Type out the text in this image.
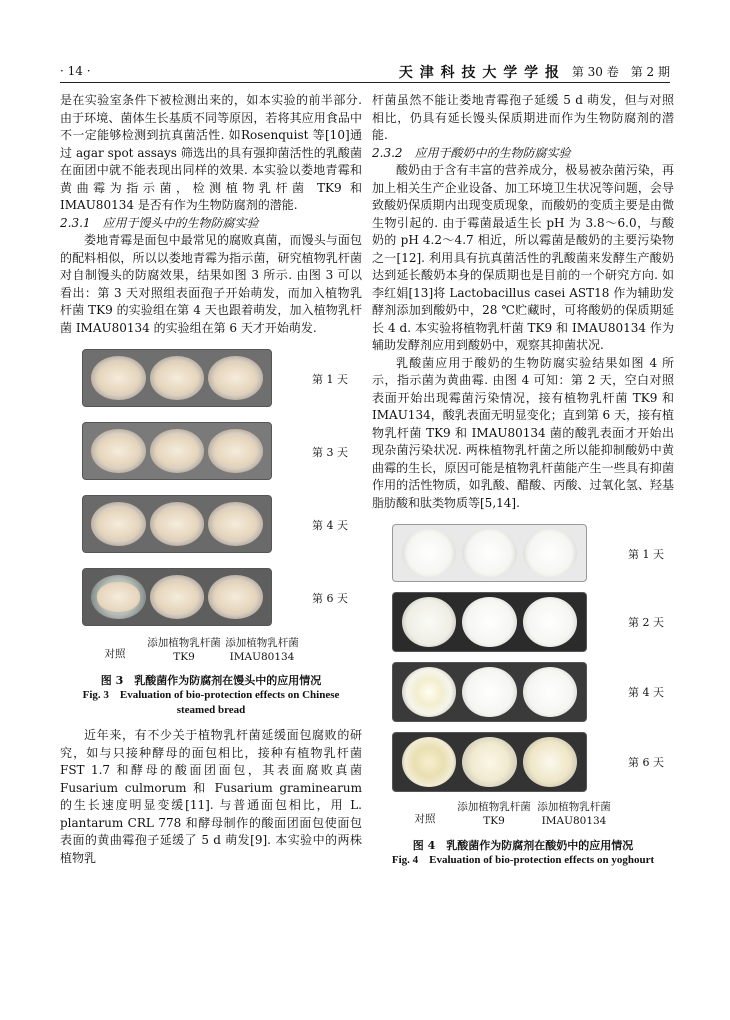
· 14 ·	天 津 科 技 大 学 学 报 第 30 卷　第 2 期

是在实验室条件下被检测出来的，如本实验的前半部分. 由于环境、菌体生长基质不同等原因，若将其应用食品中不一定能够检测到抗真菌活性. 如Rosenquist 等[10]通过 agar spot assays 筛选出的具有强抑菌活性的乳酸菌在面团中就不能表现出同样的效果. 本实验以娄地青霉和黄曲霉为指示菌，检测植物乳杆菌 TK9 和 IMAU80134 是否有作为生物防腐剂的潜能.

2.3.1　应用于馒头中的生物防腐实验

娄地青霉是面包中最常见的腐败真菌，而馒头与面包的配料相似，所以以娄地青霉为指示菌，研究植物乳杆菌对自制馒头的防腐效果，结果如图 3 所示. 由图 3 可以看出：第 3 天对照组表面孢子开始萌发，而加入植物乳杆菌 TK9 的实验组在第 4 天也跟着萌发，加入植物乳杆菌 IMAU80134 的实验组在第 6 天才开始萌发.

第 1 天
第 3 天
第 4 天
第 6 天
对照
添加植物乳杆菌
TK9
添加植物乳杆菌
IMAU80134
图 3　乳酸菌作为防腐剂在馒头中的应用情况
Fig. 3　Evaluation of bio-protection effects on Chinese
steamed bread

近年来，有不少关于植物乳杆菌延缓面包腐败的研究，如与只接种酵母的面包相比，接种有植物乳杆菌 FST 1.7 和酵母的酸面团面包，其表面腐败真菌 Fusarium culmorum 和 Fusarium graminearum 的生长速度明显变缓[11]. 与普通面包相比，用 L. plantarum CRL 778 和酵母制作的酸面团面包使面包表面的黄曲霉孢子延缓了 5 d 萌发[9]. 本实验中的两株植物乳

杆菌虽然不能让娄地青霉孢子延缓 5 d 萌发，但与对照相比，仍具有延长馒头保质期进而作为生物防腐剂的潜能.

2.3.2　应用于酸奶中的生物防腐实验

酸奶由于含有丰富的营养成分，极易被杂菌污染，再加上相关生产企业设备、加工环境卫生状况等问题，会导致酸奶保质期内出现变质现象，而酸奶的变质主要是由微生物引起的. 由于霉菌最适生长 pH 为 3.8～6.0，与酸奶的 pH 4.2～4.7 相近，所以霉菌是酸奶的主要污染物之一[12]. 利用具有抗真菌活性的乳酸菌来发酵生产酸奶达到延长酸奶本身的保质期也是目前的一个研究方向. 如李红娟[13]将 Lactobacillus casei AST18 作为辅助发酵剂添加到酸奶中，28 ℃贮藏时，可将酸奶的保质期延长 4 d. 本实验将植物乳杆菌 TK9 和 IMAU80134 作为辅助发酵剂应用到酸奶中，观察其抑菌状况.

乳酸菌应用于酸奶的生物防腐实验结果如图 4 所示，指示菌为黄曲霉. 由图 4 可知：第 2 天，空白对照表面开始出现霉菌污染情况，接有植物乳杆菌 TK9 和 IMAU134，酸乳表面无明显变化；直到第 6 天，接有植物乳杆菌 TK9 和 IMAU80134 菌的酸乳表面才开始出现杂菌污染状况. 两株植物乳杆菌之所以能抑制酸奶中黄曲霉的生长，原因可能是植物乳杆菌能产生一些具有抑菌作用的活性物质，如乳酸、醋酸、丙酸、过氧化氢、羟基脂肪酸和肽类物质等[5,14].

第 1 天
第 2 天
第 4 天
第 6 天
对照
添加植物乳杆菌
TK9
添加植物乳杆菌
IMAU80134
图 4　乳酸菌作为防腐剂在酸奶中的应用情况
Fig. 4　Evaluation of bio-protection effects on yoghourt
